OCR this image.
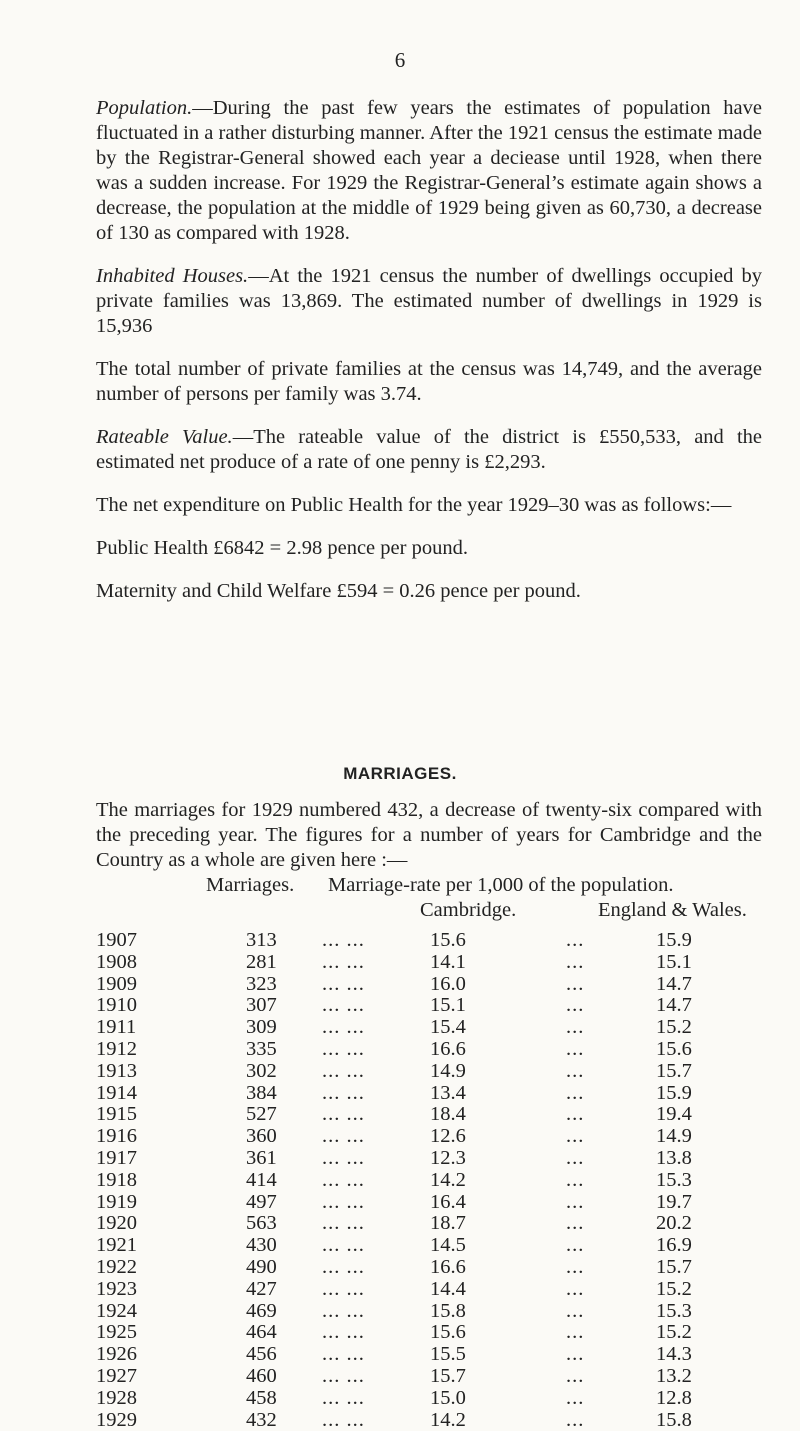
6

Population.—During the past few years the estimates of population have fluctuated in a rather disturbing manner. After the 1921 census the estimate made by the Registrar-General showed each year a deciease until 1928, when there was a sudden increase. For 1929 the Registrar-General’s estimate again shows a decrease, the population at the middle of 1929 being given as 60,730, a decrease of 130 as compared with 1928.

Inhabited Houses.—At the 1921 census the number of dwellings occupied by private families was 13,869. The estimated number of dwellings in 1929 is 15,936

The total number of private families at the census was 14,749, and the average number of persons per family was 3.74.

Rateable Value.—The rateable value of the district is £550,533, and the estimated net produce of a rate of one penny is £2,293.

The net expenditure on Public Health for the year 1929–30 was as follows:—

Public Health £6842 = 2.98 pence per pound.

Maternity and Child Welfare £594 = 0.26 pence per pound.

MARRIAGES.
The marriages for 1929 numbered 432, a decrease of twenty-six compared with the preceding year. The figures for a number of years for Cambridge and the Country as a whole are given here :—
Marriages. Marriage-rate per 1,000 of the population.
Cambridge.	England & Wales.
1907	313 ... ...	15.6	...	15.9
1908	281 ... ...	14.1	...	15.1
1909	323 ... ...	16.0	...	14.7
1910	307 ... ...	15.1	...	14.7
1911	309 ... ...	15.4	...	15.2
1912	335 ... ...	16.6	...	15.6
1913	302 ... ...	14.9	...	15.7
1914	384 ... ...	13.4	...	15.9
1915	527 ... ...	18.4	...	19.4
1916	360 ... ...	12.6	...	14.9
1917	361 ... ...	12.3	...	13.8
1918	414 ... ...	14.2	...	15.3
1919	497 ... ...	16.4	...	19.7
1920	563 ... ...	18.7	...	20.2
1921	430 ... ...	14.5	...	16.9
1922	490 ... ...	16.6	...	15.7
1923	427 ... ...	14.4	...	15.2
1924	469 ... ...	15.8	...	15.3
1925	464 ... ...	15.6	...	15.2
1926	456 ... ...	15.5	...	14.3
1927	460 ... ...	15.7	...	13.2
1928	458 ... ...	15.0	...	12.8
1929	432 ... ...	14.2	...	15.8
